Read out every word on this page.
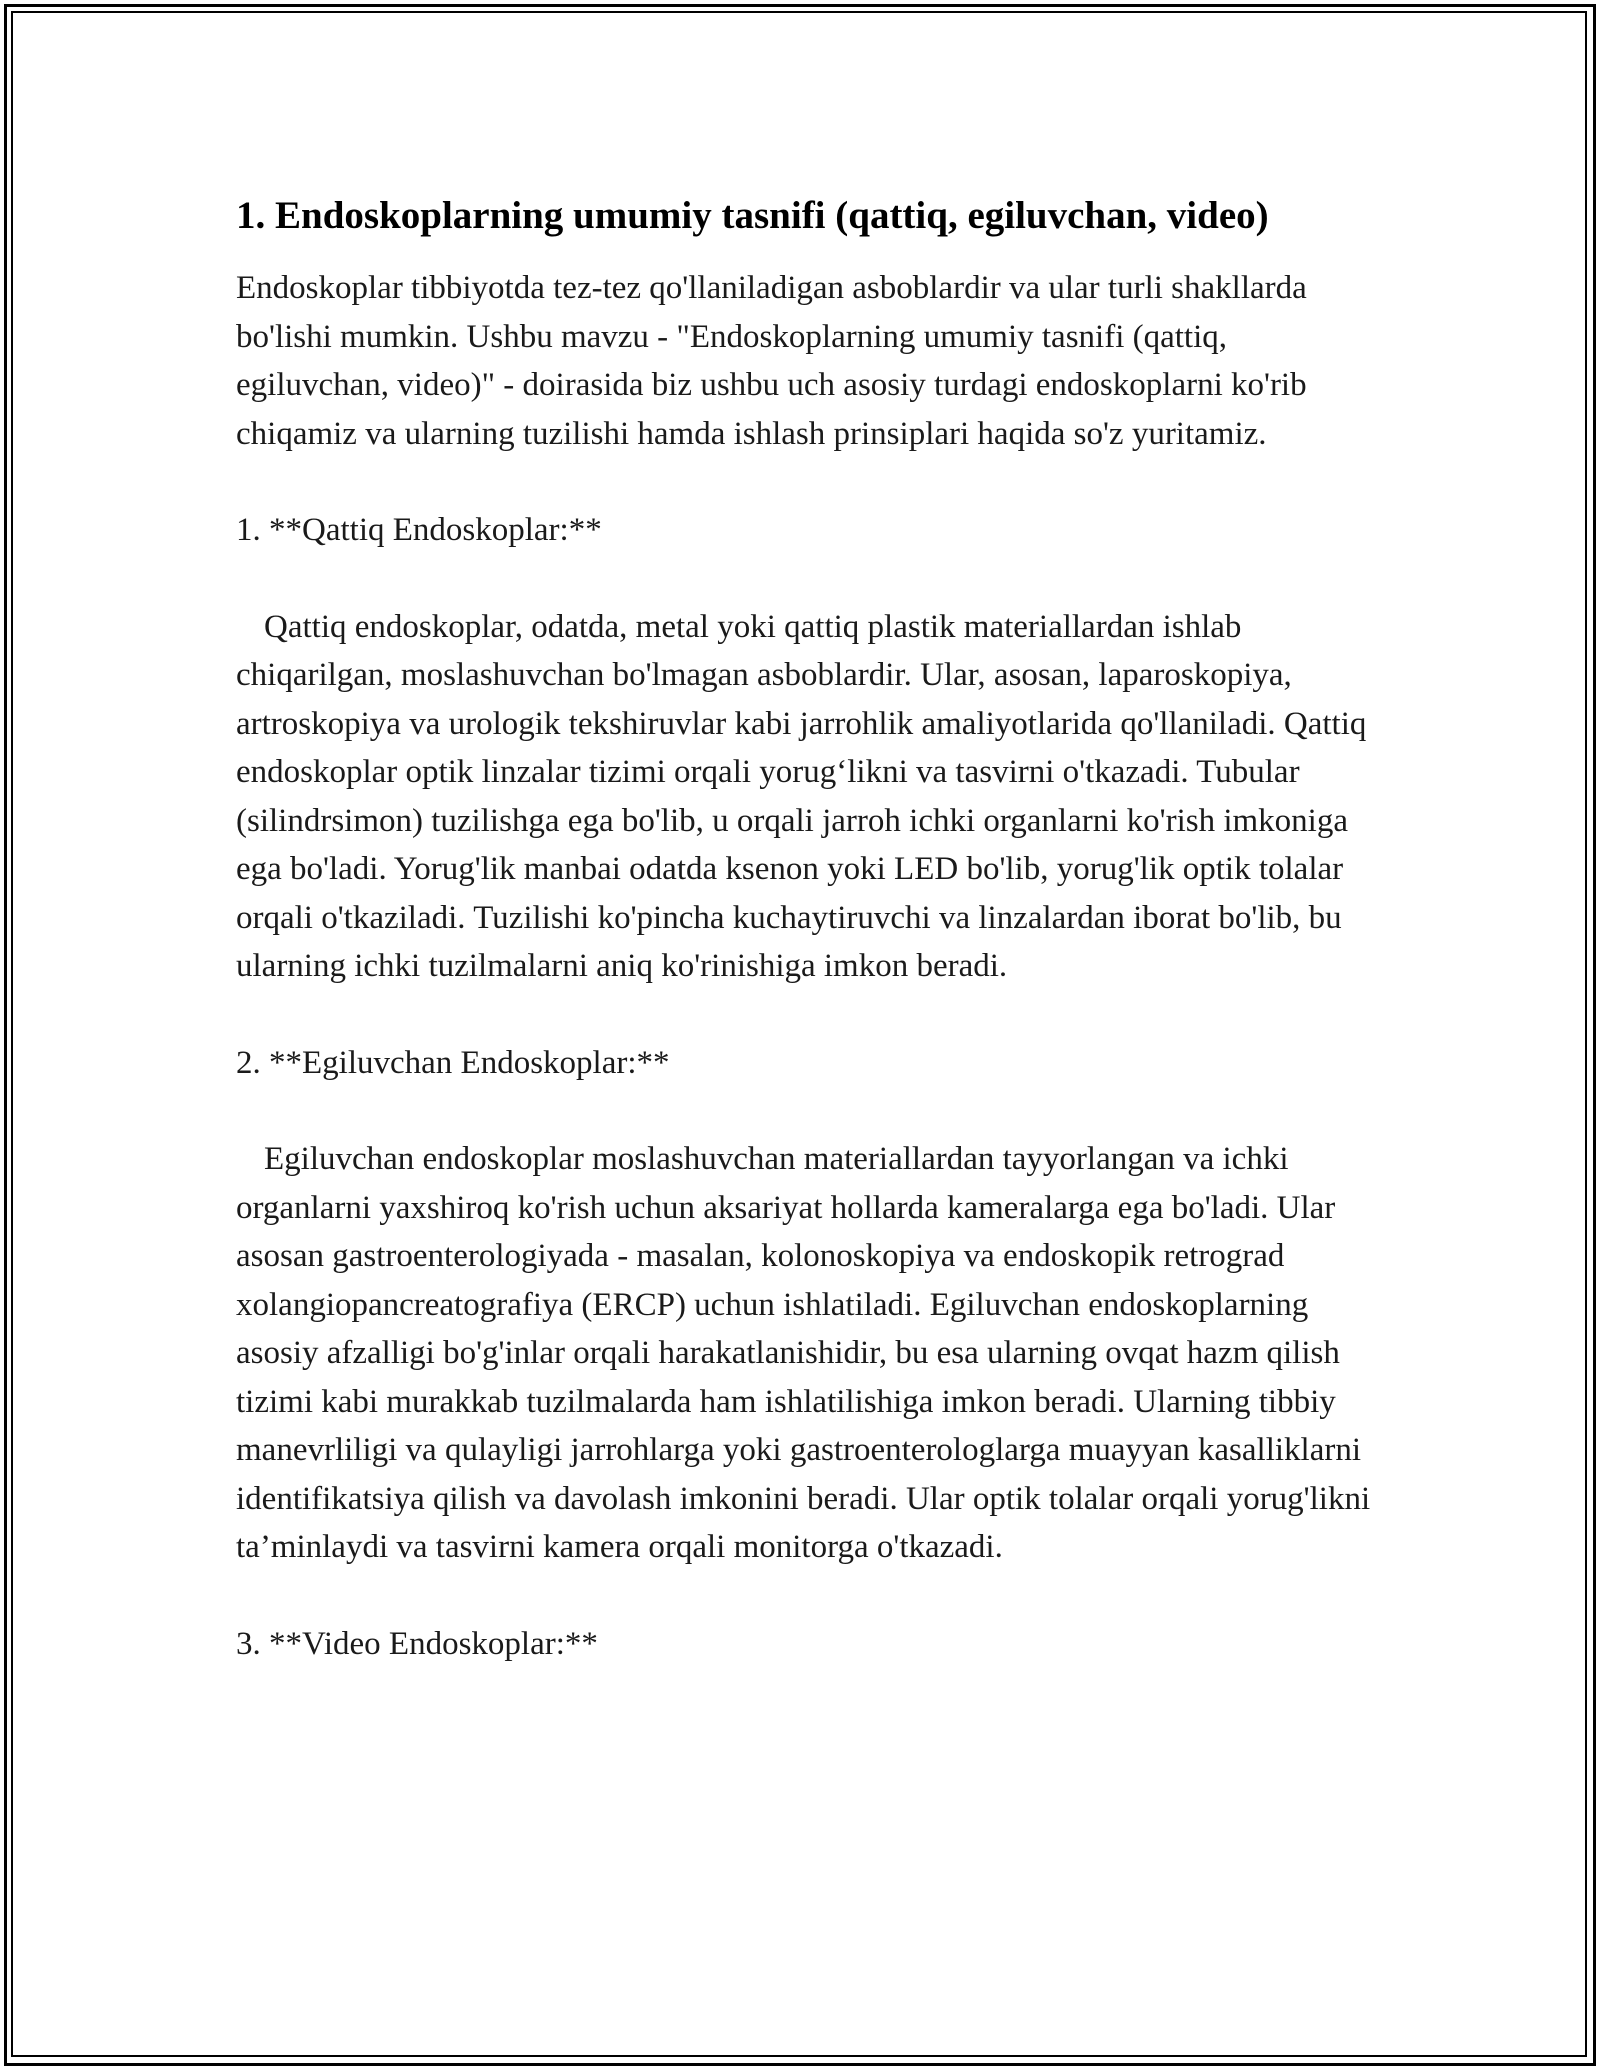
1. Endoskoplarning umumiy tasnifi (qattiq, egiluvchan, video)

Endoskoplar tibbiyotda tez-tez qo'llaniladigan asboblardir va ular turli shakllarda bo'lishi mumkin. Ushbu mavzu - "Endoskoplarning umumiy tasnifi (qattiq, egiluvchan, video)" - doirasida biz ushbu uch asosiy turdagi endoskoplarni ko'rib chiqamiz va ularning tuzilishi hamda ishlash prinsiplari haqida so'z yuritamiz.

1. **Qattiq Endoskoplar:**

Qattiq endoskoplar, odatda, metal yoki qattiq plastik materiallardan ishlab chiqarilgan, moslashuvchan bo'lmagan asboblardir. Ular, asosan, laparoskopiya, artroskopiya va urologik tekshiruvlar kabi jarrohlik amaliyotlarida qo'llaniladi. Qattiq endoskoplar optik linzalar tizimi orqali yorug‘likni va tasvirni o'tkazadi. Tubular (silindrsimon) tuzilishga ega bo'lib, u orqali jarroh ichki organlarni ko'rish imkoniga ega bo'ladi. Yorug'lik manbai odatda ksenon yoki LED bo'lib, yorug'lik optik tolalar orqali o'tkaziladi. Tuzilishi ko'pincha kuchaytiruvchi va linzalardan iborat bo'lib, bu ularning ichki tuzilmalarni aniq ko'rinishiga imkon beradi.

2. **Egiluvchan Endoskoplar:**

Egiluvchan endoskoplar moslashuvchan materiallardan tayyorlangan va ichki organlarni yaxshiroq ko'rish uchun aksariyat hollarda kameralarga ega bo'ladi. Ular asosan gastroenterologiyada - masalan, kolonoskopiya va endoskopik retrograd xolangiopancreatografiya (ERCP) uchun ishlatiladi. Egiluvchan endoskoplarning asosiy afzalligi bo'g'inlar orqali harakatlanishidir, bu esa ularning ovqat hazm qilish tizimi kabi murakkab tuzilmalarda ham ishlatilishiga imkon beradi. Ularning tibbiy manevrliligi va qulayligi jarrohlarga yoki gastroenterologlarga muayyan kasalliklarni identifikatsiya qilish va davolash imkonini beradi. Ular optik tolalar orqali yorug'likni ta’minlaydi va tasvirni kamera orqali monitorga o'tkazadi.

3. **Video Endoskoplar:**
